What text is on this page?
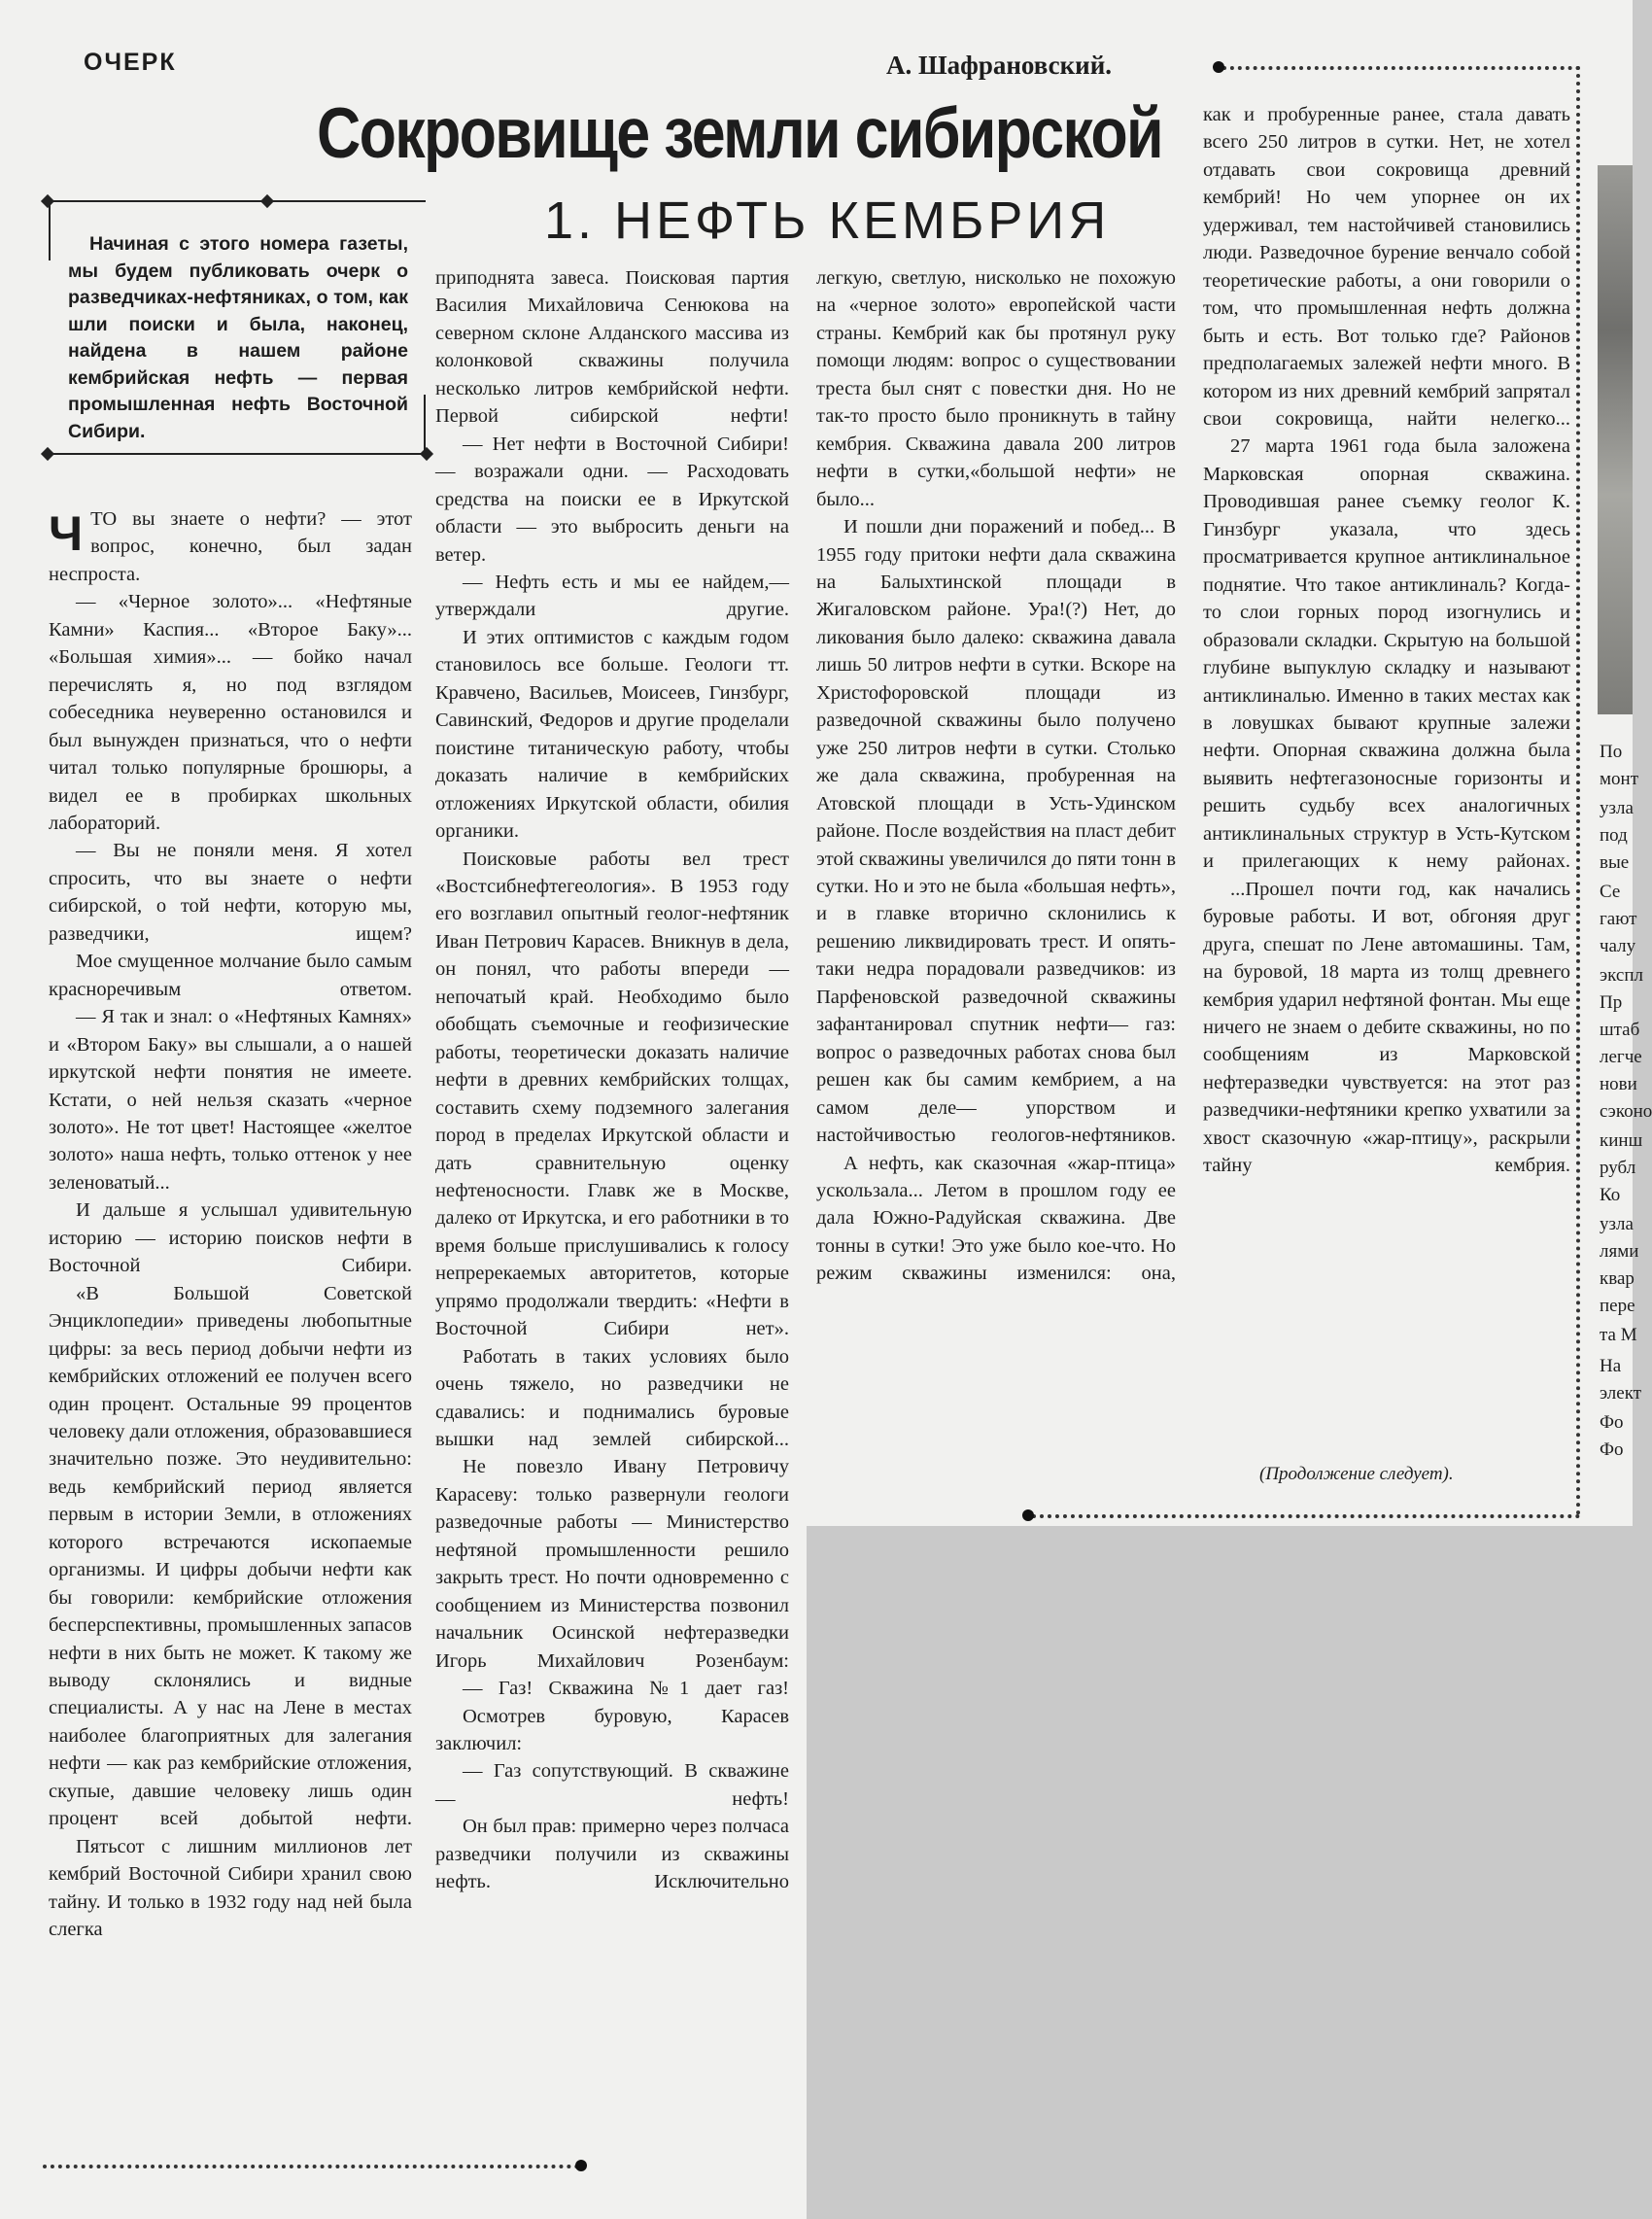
ОЧЕРК	А. Шафрановский.
Сокровище земли сибирской
1. НЕФТЬ КЕМБРИЯ
Начиная с этого номера газеты, мы будем публиковать очерк о разведчиках-нефтяниках, о том, как шли поиски и была, наконец, найдена в нашем районе кембрийская нефть — первая промышленная нефть Восточной Сибири.

ЧТО вы знаете о нефти? — этот вопрос, конечно, был задан неспроста.

— «Черное золото»... «Нефтяные Камни» Каспия... «Второе Баку»... «Большая химия»... — бойко начал перечислять я, но под взглядом собеседника неуверенно остановился и был вынужден признаться, что о нефти читал только популярные брошюры, а видел ее в пробирках школьных лабораторий.

— Вы не поняли меня. Я хотел спросить, что вы знаете о нефти сибирской, о той нефти, которую мы, разведчики, ищем?

Мое смущенное молчание было самым красноречивым ответом.

— Я так и знал: о «Нефтяных Камнях» и «Втором Баку» вы слышали, а о нашей иркутской нефти понятия не имеете. Кстати, о ней нельзя сказать «черное золото». Не тот цвет! Настоящее «желтое золото» наша нефть, только оттенок у нее зеленоватый...

И дальше я услышал удивительную историю — историю поисков нефти в Восточной Сибири.

«В Большой Советской Энциклопедии» приведены любопытные цифры: за весь период добычи нефти из кембрийских отложений ее получен всего один процент. Остальные 99 процентов человеку дали отложения, образовавшиеся значительно позже. Это неудивительно: ведь кембрийский период является первым в истории Земли, в отложениях которого встречаются ископаемые организмы. И цифры добычи нефти как бы говорили: кембрийские отложения бесперспективны, промышленных запасов нефти в них быть не может. К такому же выводу склонялись и видные специалисты. А у нас на Лене в местах наиболее благоприятных для залегания нефти — как раз кембрийские отложения, скупые, давшие человеку лишь один процент всей добытой нефти.

Пятьсот с лишним миллионов лет кембрий Восточной Сибири хранил свою тайну. И только в 1932 году над ней была слегка

приподнята завеса. Поисковая партия Василия Михайловича Сенюкова на северном склоне Алданского массива из колонковой скважины получила несколько литров кембрийской нефти. Первой сибирской нефти!

— Нет нефти в Восточной Сибири! — возражали одни. — Расходовать средства на поиски ее в Иркутской области — это выбросить деньги на ветер.

— Нефть есть и мы ее найдем,— утверждали другие.

И этих оптимистов с каждым годом становилось все больше. Геологи тт. Кравчено, Васильев, Моисеев, Гинзбург, Савинский, Федоров и другие проделали поистине титаническую работу, чтобы доказать наличие в кембрийских отложениях Иркутской области, обилия органики.

Поисковые работы вел трест «Востсибнефтегеология». В 1953 году его возглавил опытный геолог-нефтяник Иван Петрович Карасев. Вникнув в дела, он понял, что работы впереди — непочатый край. Необходимо было обобщать съемочные и геофизические работы, теоретически доказать наличие нефти в древних кембрийских толщах, составить схему подземного залегания пород в пределах Иркутской области и дать сравнительную оценку нефтеносности. Главк же в Москве, далеко от Иркутска, и его работники в то время больше прислушивались к голосу непререкаемых авторитетов, которые упрямо продолжали твердить: «Нефти в Восточной Сибири нет».

Работать в таких условиях было очень тяжело, но разведчики не сдавались: и поднимались буровые вышки над землей сибирской...

Не повезло Ивану Петровичу Карасеву: только развернули геологи разведочные работы — Министерство нефтяной промышленности решило закрыть трест. Но почти одновременно с сообщением из Министерства позвонил начальник Осинской нефтеразведки Игорь Михайлович Розенбаум:

— Газ! Скважина №1 дает газ!

Осмотрев буровую, Карасев заключил:

— Газ сопутствующий. В скважине — нефть!

Он был прав: примерно через полчаса разведчики получили из скважины нефть. Исключительно

легкую, светлую, нисколько не похожую на «черное золото» европейской части страны. Кембрий как бы протянул руку помощи людям: вопрос о существовании треста был снят с повестки дня. Но не так-то просто было проникнуть в тайну кембрия. Скважина давала 200 литров нефти в сутки,«большой нефти» не было...

И пошли дни поражений и побед... В 1955 году притоки нефти дала скважина на Балыхтинской площади в Жигаловском районе. Ура!(?) Нет, до ликования было далеко: скважина давала лишь 50 литров нефти в сутки. Вскоре на Христофоровской площади из разведочной скважины было получено уже 250 литров нефти в сутки. Столько же дала скважина, пробуренная на Атовской площади в Усть-Удинском районе. После воздействия на пласт дебит этой скважины увеличился до пяти тонн в сутки. Но и это не была «большая нефть», и в главке вторично склонились к решению ликвидировать трест. И опять-таки недра порадовали разведчиков: из Парфеновской разведочной скважины зафантанировал спутник нефти— газ: вопрос о разведочных работах снова был решен как бы самим кембрием, а на самом деле— упорством и настойчивостью геологов-нефтяников.

А нефть, как сказочная «жар-птица» ускользала... Летом в прошлом году ее дала Южно-Радуйская скважина. Две тонны в сутки! Это уже было кое-что. Но режим скважины изменился: она,

как и пробуренные ранее, стала давать всего 250 литров в сутки. Нет, не хотел отдавать свои сокровища древний кембрий! Но чем упорнее он их удерживал, тем настойчивей становились люди. Разведочное бурение венчало собой теоретические работы, а они говорили о том, что промышленная нефть должна быть и есть. Вот только где? Районов предполагаемых залежей нефти много. В котором из них древний кембрий запрятал свои сокровища, найти нелегко...

27 марта 1961 года была заложена Марковская опорная скважина. Проводившая ранее съемку геолог К. Гинзбург указала, что здесь просматривается крупное антиклинальное поднятие. Что такое антиклиналь? Когда-то слои горных пород изогнулись и образовали складки. Скрытую на большой глубине выпуклую складку и называют антиклиналью. Именно в таких местах как в ловушках бывают крупные залежи нефти. Опорная скважина должна была выявить нефтегазоносные горизонты и решить судьбу всех аналогичных антиклинальных структур в Усть-Кутском и прилегающих к нему районах.

...Прошел почти год, как начались буровые работы. И вот, обгоняя друг друга, спешат по Лене автомашины. Там, на буровой, 18 марта из толщ древнего кембрия ударил нефтяной фонтан. Мы еще ничего не знаем о дебите скважины, но по сообщениям из Марковской нефтеразведки чувствуется: на этот раз разведчики-нефтяники крепко ухватили за хвост сказочную «жар-птицу», раскрыли тайну кембрия.

(Продолжение следует).
По
монт
узла
под
вые
Се
гают
чалу
экспл
Пр
штаб
легче
нови
сэконо
кинш
рубл
Ко
узла
лями
квар
пере
та М
На
элект
Фо
Фо
